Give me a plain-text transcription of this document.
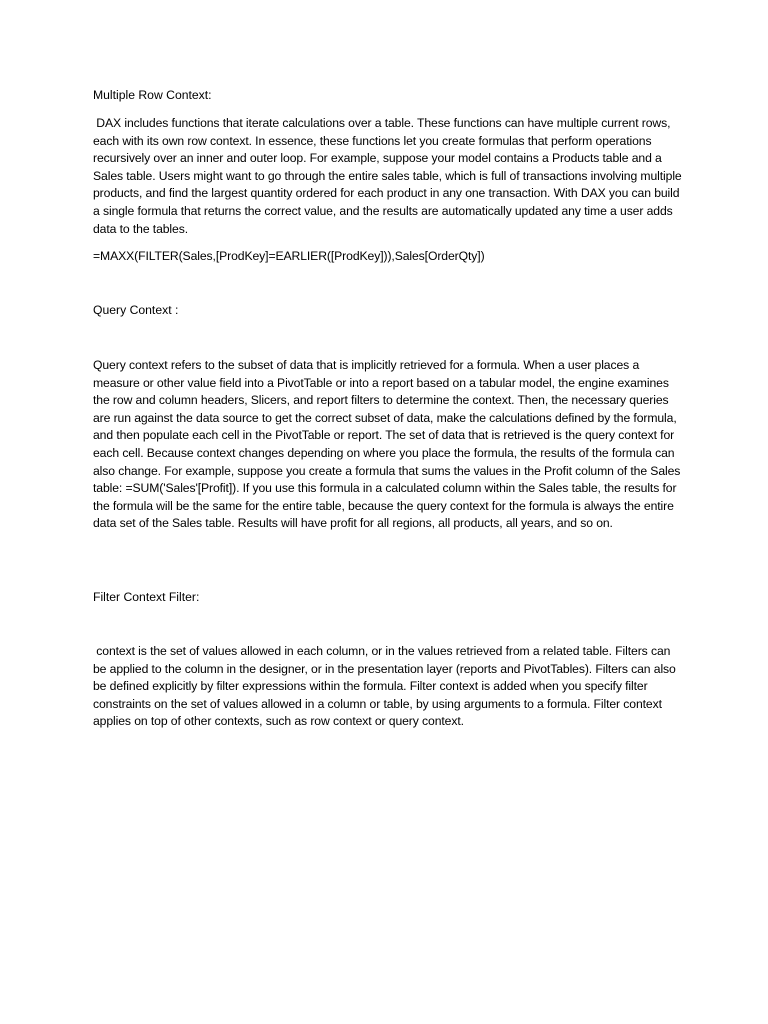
Multiple Row Context:

DAX includes functions that iterate calculations over a table. These functions can have multiple current rows, each with its own row context. In essence, these functions let you create formulas that perform operations recursively over an inner and outer loop. For example, suppose your model contains a Products table and a Sales table. Users might want to go through the entire sales table, which is full of transactions involving multiple products, and find the largest quantity ordered for each product in any one transaction. With DAX you can build a single formula that returns the correct value, and the results are automatically updated any time a user adds data to the tables.

=MAXX(FILTER(Sales,[ProdKey]=EARLIER([ProdKey])),Sales[OrderQty])

Query Context :

Query context refers to the subset of data that is implicitly retrieved for a formula. When a user places a measure or other value field into a PivotTable or into a report based on a tabular model, the engine examines the row and column headers, Slicers, and report filters to determine the context. Then, the necessary queries are run against the data source to get the correct subset of data, make the calculations defined by the formula, and then populate each cell in the PivotTable or report. The set of data that is retrieved is the query context for each cell. Because context changes depending on where you place the formula, the results of the formula can also change. For example, suppose you create a formula that sums the values in the Profit column of the Sales table: =SUM('Sales'[Profit]). If you use this formula in a calculated column within the Sales table, the results for the formula will be the same for the entire table, because the query context for the formula is always the entire data set of the Sales table. Results will have profit for all regions, all products, all years, and so on.

Filter Context Filter:

context is the set of values allowed in each column, or in the values retrieved from a related table. Filters can be applied to the column in the designer, or in the presentation layer (reports and PivotTables). Filters can also be defined explicitly by filter expressions within the formula. Filter context is added when you specify filter constraints on the set of values allowed in a column or table, by using arguments to a formula. Filter context applies on top of other contexts, such as row context or query context.
